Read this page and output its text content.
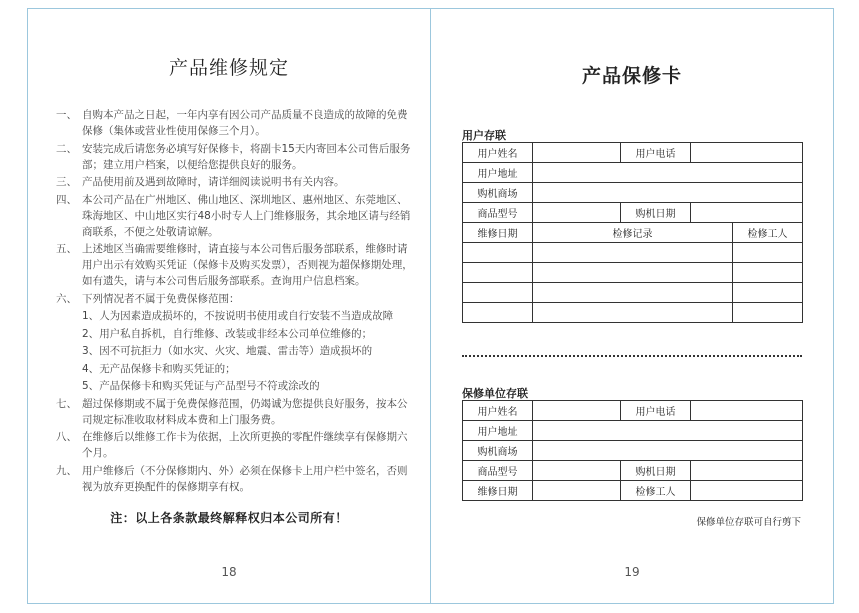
产品维修规定
一、 自购本产品之日起，一年内享有因公司产品质量不良造成的故障的免费保修（集体或营业性使用保修三个月）。
二、 安装完成后请您务必填写好保修卡，将副卡15天内寄回本公司售后服务部；建立用户档案，以便给您提供良好的服务。
三、 产品使用前及遇到故障时，请详细阅读说明书有关内容。
四、 本公司产品在广州地区、佛山地区、深圳地区、惠州地区、东莞地区、珠海地区、中山地区实行48小时专人上门维修服务，其余地区请与经销商联系，不便之处敬请谅解。
五、 上述地区当确需要维修时，请直接与本公司售后服务部联系，维修时请用户出示有效购买凭证（保修卡及购买发票），否则视为超保修期处理，如有遗失，请与本公司售后服务部联系。查询用户信息档案。
六、 下列情况者不属于免费保修范围：
1、 人为因素造成损坏的，不按说明书使用或自行安装不当造成故障
2、 用户私自拆机，自行维修、改装或非经本公司单位维修的；
3、 因不可抗拒力（如水灾、火灾、地震、雷击等）造成损坏的
4、 无产品保修卡和购买凭证的；
5、 产品保修卡和购买凭证与产品型号不符或涂改的
七、 超过保修期或不属于免费保修范围，仍竭诚为您提供良好服务，按本公司规定标准收取材料成本费和上门服务费。
八、 在维修后以维修工作卡为依据，上次所更换的零配件继续享有保修期六个月。
九、 用户维修后（不分保修期内、外）必须在保修卡上用户栏中签名，否则视为放弃更换配件的保修期享有权。
注：以上各条款最终解释权归本公司所有！
18
产品保修卡
用户存联
用户姓名		用户电话		
用户地址				
购机商场				
商品型号		购机日期		
维修日期	检修记录			检修工人

保修单位存联
用户姓名		用户电话	
用户地址			
购机商场			
商品型号		购机日期	
维修日期		检修工人	
保修单位存联可自行剪下
19
